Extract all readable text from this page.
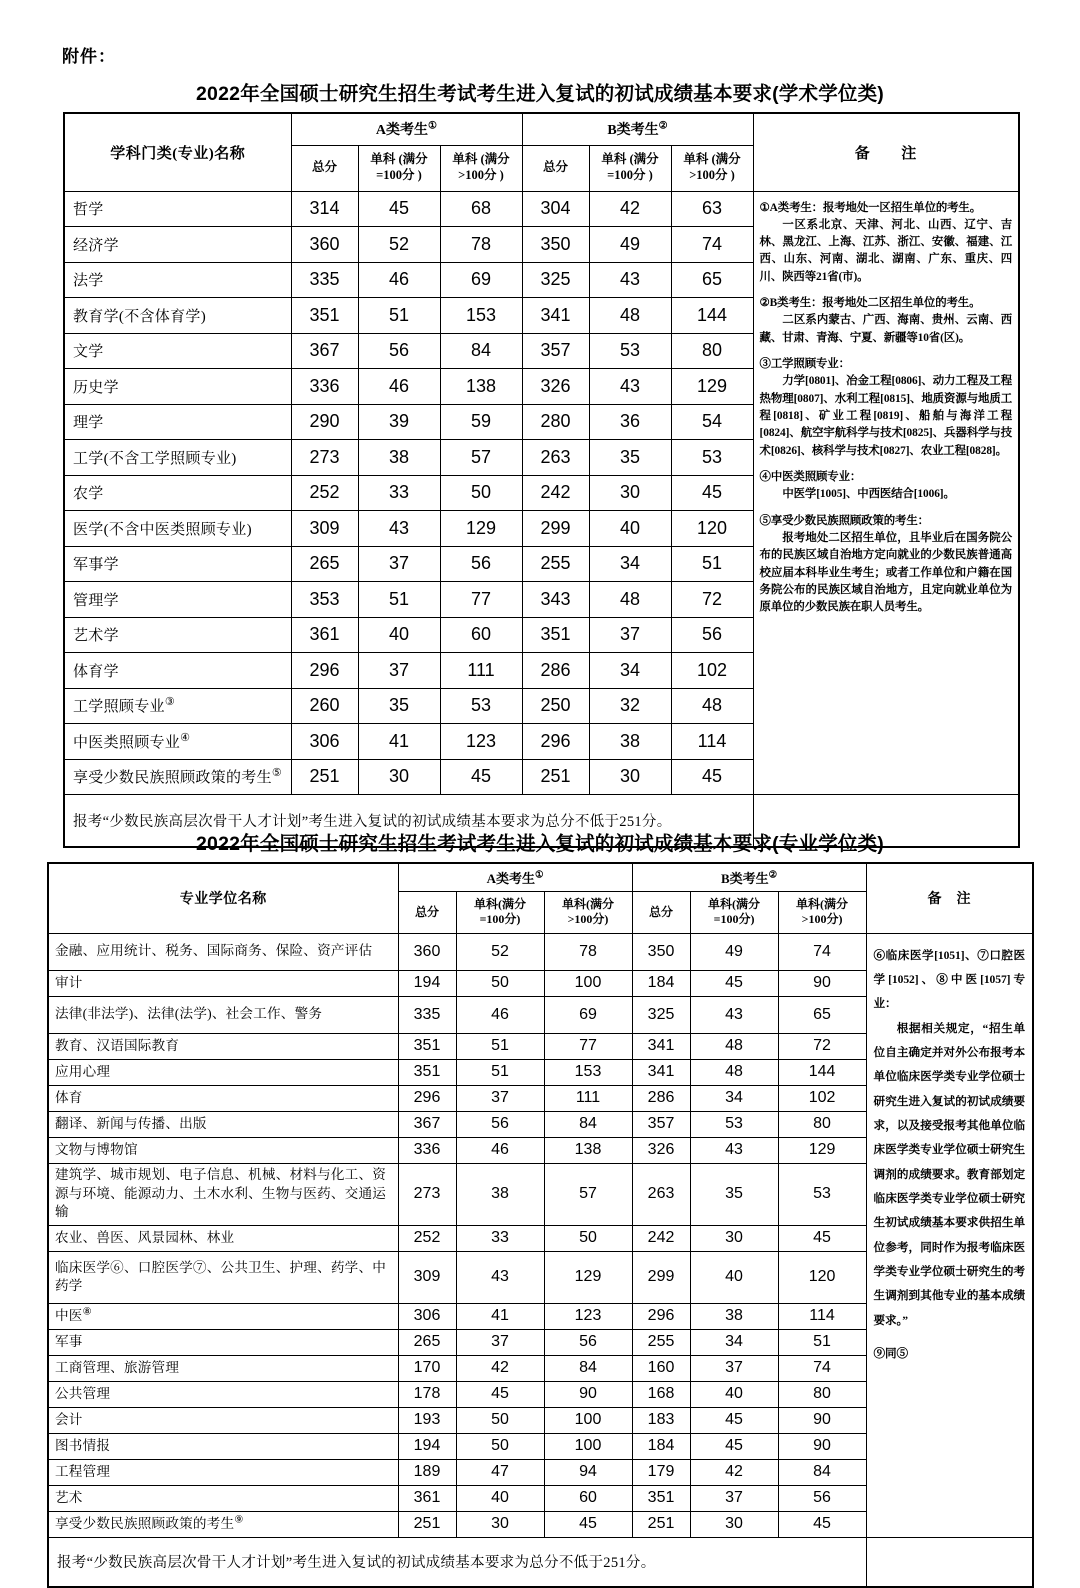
附件：
2022年全国硕士研究生招生考试考生进入复试的初试成绩基本要求(学术学位类)
学科门类(专业)名称	A类考生①			B类考生②			备　　注
	总分	单科 (满分
=100分 )	单科 (满分
>100分 )	总分	单科 (满分
=100分 )	单科 (满分
>100分 )	
哲学	314	45	68	304	42	63	①A类考生：报考地处一区招生单位的考生。
一区系北京、天津、河北、山西、辽宁、吉林、黑龙江、上海、江苏、浙江、安徽、福建、江西、山东、河南、湖北、湖南、广东、重庆、四川、陕西等21省(市)。
②B类考生：报考地处二区招生单位的考生。
二区系内蒙古、广西、海南、贵州、云南、西藏、甘肃、青海、宁夏、新疆等10省(区)。
③工学照顾专业：
力学[0801]、冶金工程[0806]、动力工程及工程热物理[0807]、水利工程[0815]、地质资源与地质工程[0818]、矿业工程[0819]、船舶与海洋工程[0824]、航空宇航科学与技术[0825]、兵器科学与技术[0826]、核科学与技术[0827]、农业工程[0828]。
④中医类照顾专业：
中医学[1005]、中西医结合[1006]。
⑤享受少数民族照顾政策的考生：
报考地处二区招生单位，且毕业后在国务院公布的民族区域自治地方定向就业的少数民族普通高校应届本科毕业生考生；或者工作单位和户籍在国务院公布的民族区域自治地方，且定向就业单位为原单位的少数民族在职人员考生。

经济学	360	52	78	350	49	74	
法学	335	46	69	325	43	65	
教育学(不含体育学)	351	51	153	341	48	144	
文学	367	56	84	357	53	80	
历史学	336	46	138	326	43	129	
理学	290	39	59	280	36	54	
工学(不含工学照顾专业)	273	38	57	263	35	53	
农学	252	33	50	242	30	45	
医学(不含中医类照顾专业)	309	43	129	299	40	120	
军事学	265	37	56	255	34	51	
管理学	353	51	77	343	48	72	
艺术学	361	40	60	351	37	56	
体育学	296	37	111	286	34	102	
工学照顾专业③	260	35	53	250	32	48	
中医类照顾专业④	306	41	123	296	38	114	
享受少数民族照顾政策的考生⑤	251	30	45	251	30	45	
报考“少数民族高层次骨干人才计划”考生进入复试的初试成绩基本要求为总分不低于251分。							
2022年全国硕士研究生招生考试考生进入复试的初试成绩基本要求(专业学位类)
专业学位名称	A类考生①			B类考生②			备　注
	总分	单科(满分
=100分)	单科(满分
>100分)	总分	单科(满分
=100分)	单科(满分
>100分)	
金融、应用统计、税务、国际商务、保险、资产评估	360	52	78	350	49	74	⑥临床医学[1051]、⑦口腔医学[1052]、⑧中医[1057]专业：
根据相关规定，“招生单位自主确定并对外公布报考本单位临床医学类专业学位硕士研究生进入复试的初试成绩要求，以及接受报考其他单位临床医学类专业学位硕士研究生调剂的成绩要求。教育部划定临床医学类专业学位硕士研究生初试成绩基本要求供招生单位参考，同时作为报考临床医学类专业学位硕士研究生的考生调剂到其他专业的基本成绩要求。”
⑨同⑤

审计	194	50	100	184	45	90	
法律(非法学)、法律(法学)、社会工作、警务	335	46	69	325	43	65	
教育、汉语国际教育	351	51	77	341	48	72	
应用心理	351	51	153	341	48	144	
体育	296	37	111	286	34	102	
翻译、新闻与传播、出版	367	56	84	357	53	80	
文物与博物馆	336	46	138	326	43	129	
建筑学、城市规划、电子信息、机械、材料与化工、资源与环境、能源动力、土木水利、生物与医药、交通运输	273	38	57	263	35	53	
农业、兽医、风景园林、林业	252	33	50	242	30	45	
临床医学⑥、口腔医学⑦、公共卫生、护理、药学、中药学	309	43	129	299	40	120	
中医⑧	306	41	123	296	38	114	
军事	265	37	56	255	34	51	
工商管理、旅游管理	170	42	84	160	37	74	
公共管理	178	45	90	168	40	80	
会计	193	50	100	183	45	90	
图书情报	194	50	100	184	45	90	
工程管理	189	47	94	179	42	84	
艺术	361	40	60	351	37	56	
享受少数民族照顾政策的考生⑨	251	30	45	251	30	45	
报考“少数民族高层次骨干人才计划”考生进入复试的初试成绩基本要求为总分不低于251分。							
